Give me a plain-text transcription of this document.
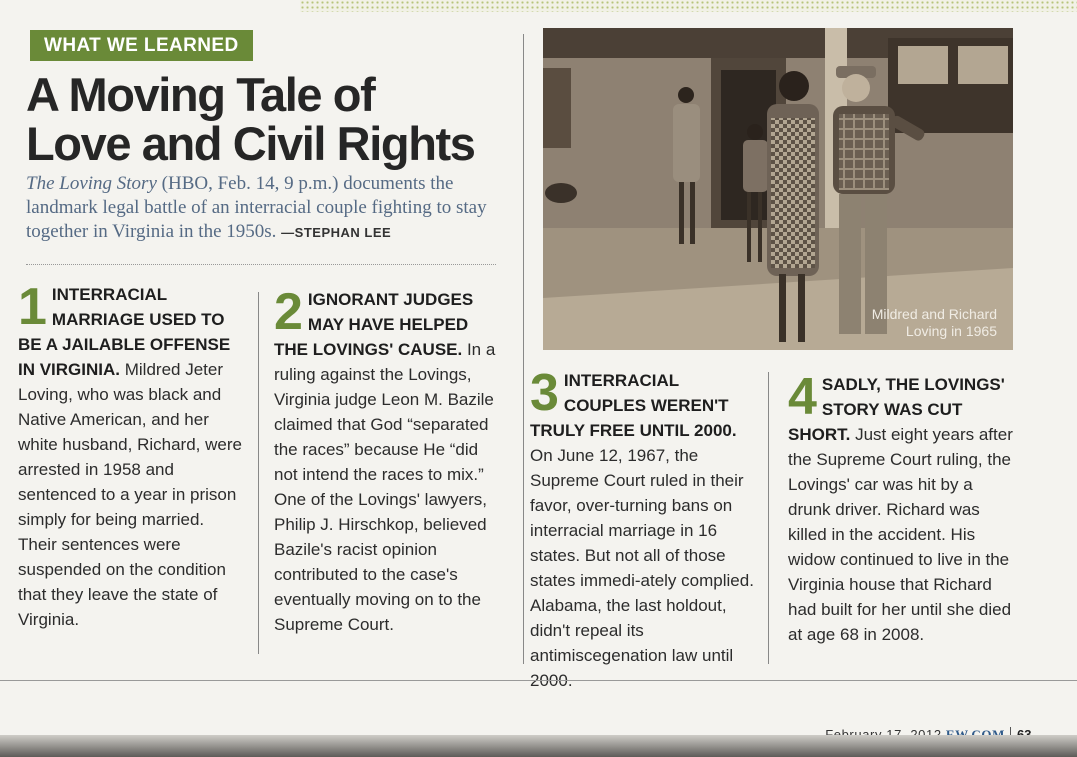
WHAT WE LEARNED
A Moving Tale of
Love and Civil Rights
The Loving Story (HBO, Feb. 14, 9 p.m.) documents the landmark legal battle of an interracial couple fighting to stay together in Virginia in the 1950s. —STEPHAN LEE
1 INTERRACIAL MARRIAGE USED TO BE A JAILABLE OFFENSE IN VIRGINIA. Mildred Jeter Loving, who was black and Native American, and her white husband, Richard, were arrested in 1958 and sentenced to a year in prison simply for being married. Their sentences were suspended on the condition that they leave the state of Virginia.
2 IGNORANT JUDGES MAY HAVE HELPED THE LOVINGS' CAUSE. In a ruling against the Lovings, Virginia judge Leon M. Bazile claimed that God “separated the races” because He “did not intend the races to mix.” One of the Lovings' lawyers, Philip J. Hirschkop, believed Bazile's racist opinion contributed to the case's eventually moving on to the Supreme Court.
Mildred and Richard
Loving in 1965
3 INTERRACIAL COUPLES WEREN'T TRULY FREE UNTIL 2000. On June 12, 1967, the Supreme Court ruled in their favor, over-turning bans on interracial marriage in 16 states. But not all of those states immedi-ately complied. Alabama, the last holdout, didn't repeal its antimiscegenation law until 2000.
4 SADLY, THE LOVINGS' STORY WAS CUT SHORT. Just eight years after the Supreme Court ruling, the Lovings' car was hit by a drunk driver. Richard was killed in the accident. His widow continued to live in the Virginia house that Richard had built for her until she died at age 68 in 2008.
